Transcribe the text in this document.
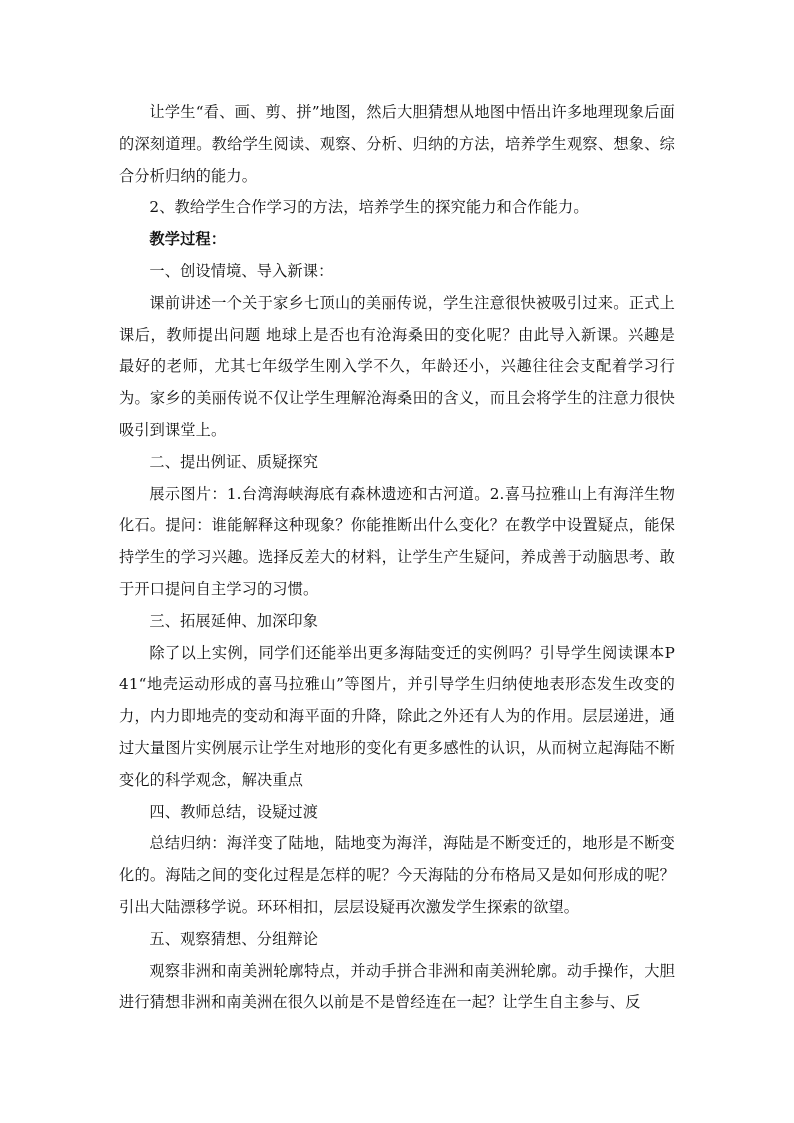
让学生“看、画、剪、拼”地图，然后大胆猜想从地图中悟出许多地理现象后面的深刻道理。教给学生阅读、观察、分析、归纳的方法，培养学生观察、想象、综合分析归纳的能力。

2、教给学生合作学习的方法，培养学生的探究能力和合作能力。

教学过程：

一、创设情境、导入新课：

课前讲述一个关于家乡七顶山的美丽传说，学生注意很快被吸引过来。正式上课后，教师提出问题 地球上是否也有沧海桑田的变化呢？由此导入新课。兴趣是最好的老师，尤其七年级学生刚入学不久，年龄还小，兴趣往往会支配着学习行为。家乡的美丽传说不仅让学生理解沧海桑田的含义，而且会将学生的注意力很快吸引到课堂上。

二、提出例证、质疑探究

展示图片：1.台湾海峡海底有森林遗迹和古河道。2.喜马拉雅山上有海洋生物化石。提问：谁能解释这种现象？你能推断出什么变化？在教学中设置疑点，能保持学生的学习兴趣。选择反差大的材料，让学生产生疑问，养成善于动脑思考、敢于开口提问自主学习的习惯。

三、拓展延伸、加深印象

除了以上实例，同学们还能举出更多海陆变迁的实例吗？引导学生阅读课本P41“地壳运动形成的喜马拉雅山”等图片，并引导学生归纳使地表形态发生改变的力，内力即地壳的变动和海平面的升降，除此之外还有人为的作用。层层递进，通过大量图片实例展示让学生对地形的变化有更多感性的认识，从而树立起海陆不断变化的科学观念，解决重点

四、教师总结，设疑过渡

总结归纳：海洋变了陆地，陆地变为海洋，海陆是不断变迁的，地形是不断变化的。海陆之间的变化过程是怎样的呢？今天海陆的分布格局又是如何形成的呢？引出大陆漂移学说。环环相扣，层层设疑再次激发学生探索的欲望。

五、观察猜想、分组辩论

观察非洲和南美洲轮廓特点，并动手拼合非洲和南美洲轮廓。动手操作，大胆进行猜想非洲和南美洲在很久以前是不是曾经连在一起？让学生自主参与、反
